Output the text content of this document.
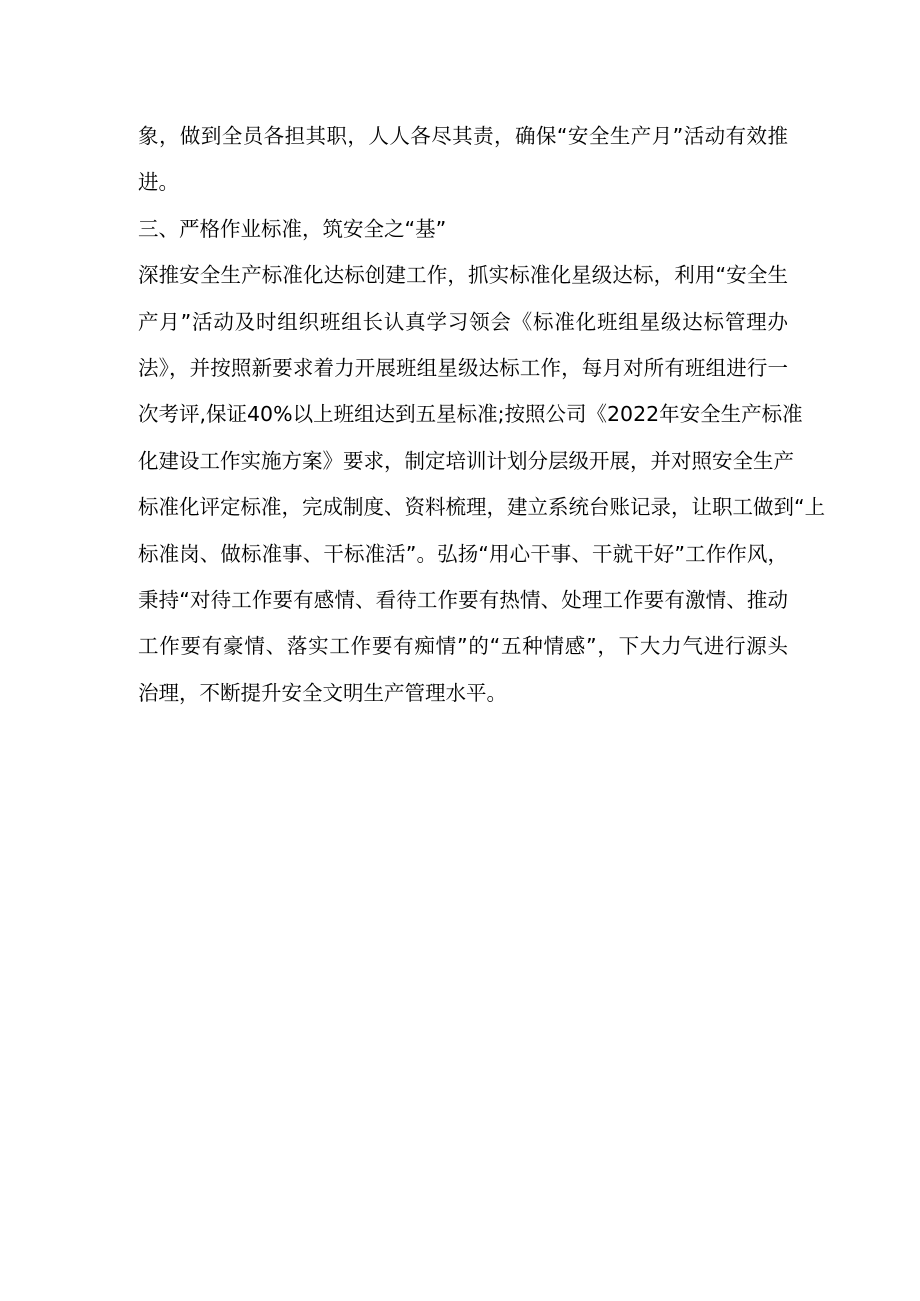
象，做到全员各担其职，人人各尽其责，确保“安全生产月”活动有效推
进。
三、严格作业标准，筑安全之“基”
深推安全生产标准化达标创建工作，抓实标准化星级达标，利用“安全生
产月”活动及时组织班组长认真学习领会《标准化班组星级达标管理办
法》，并按照新要求着力开展班组星级达标工作，每月对所有班组进行一
次考评,保证40%以上班组达到五星标准;按照公司《2022年安全生产标准
化建设工作实施方案》要求，制定培训计划分层级开展，并对照安全生产
标准化评定标准，完成制度、资料梳理，建立系统台账记录，让职工做到“上
标准岗、做标准事、干标准活”。弘扬“用心干事、干就干好”工作作风，
秉持“对待工作要有感情、看待工作要有热情、处理工作要有激情、推动
工作要有豪情、落实工作要有痴情”的“五种情感”，下大力气进行源头
治理，不断提升安全文明生产管理水平。
